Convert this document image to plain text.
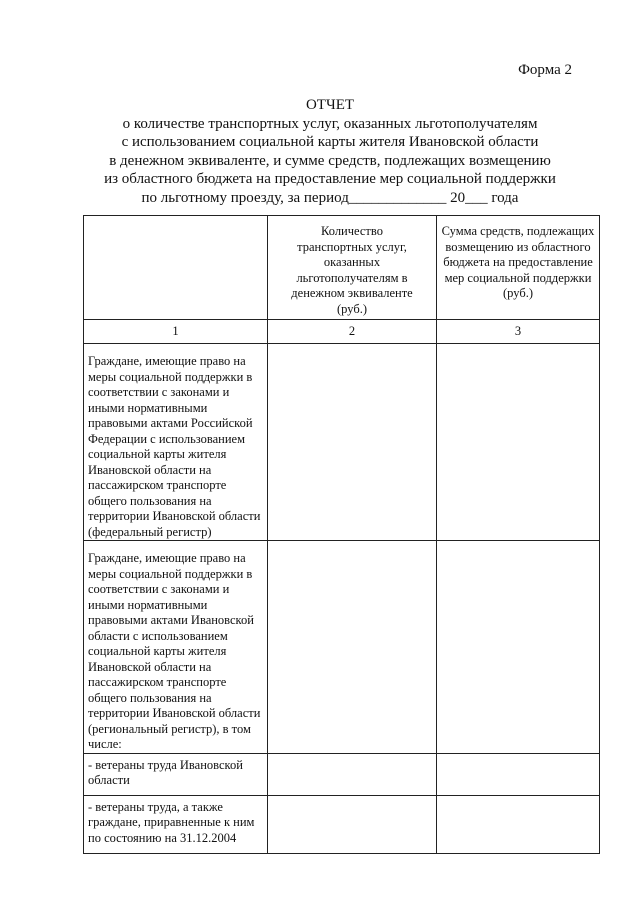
Форма 2
ОТЧЕТ
о количестве транспортных услуг, оказанных льготополучателям
с использованием социальной карты жителя Ивановской области
в денежном эквиваленте, и сумме средств, подлежащих возмещению
из областного бюджета на предоставление мер социальной поддержки
по льготному проезду, за период_____________ 20___ года

	Количество транспортных услуг, оказанных льготополучателям в денежном эквиваленте (руб.)	Сумма средств, подлежащих возмещению из областного бюджета на предоставление мер социальной поддержки (руб.)

1	2	3

Граждане, имеющие право на меры социальной поддержки в соответствии с законами и иными нормативными правовыми актами Российской Федерации с использованием социальной карты жителя Ивановской области на пассажирском транспорте общего пользования на территории Ивановской области (федеральный регистр)		

Граждане, имеющие право на меры социальной поддержки в соответствии с законами и иными нормативными правовыми актами Ивановской области с использованием социальной карты жителя Ивановской области на пассажирском транспорте общего пользования на территории Ивановской области (региональный регистр), в том числе:		

- ветераны труда Ивановской области		

- ветераны труда, а также граждане, приравненные к ним по состоянию на 31.12.2004		
